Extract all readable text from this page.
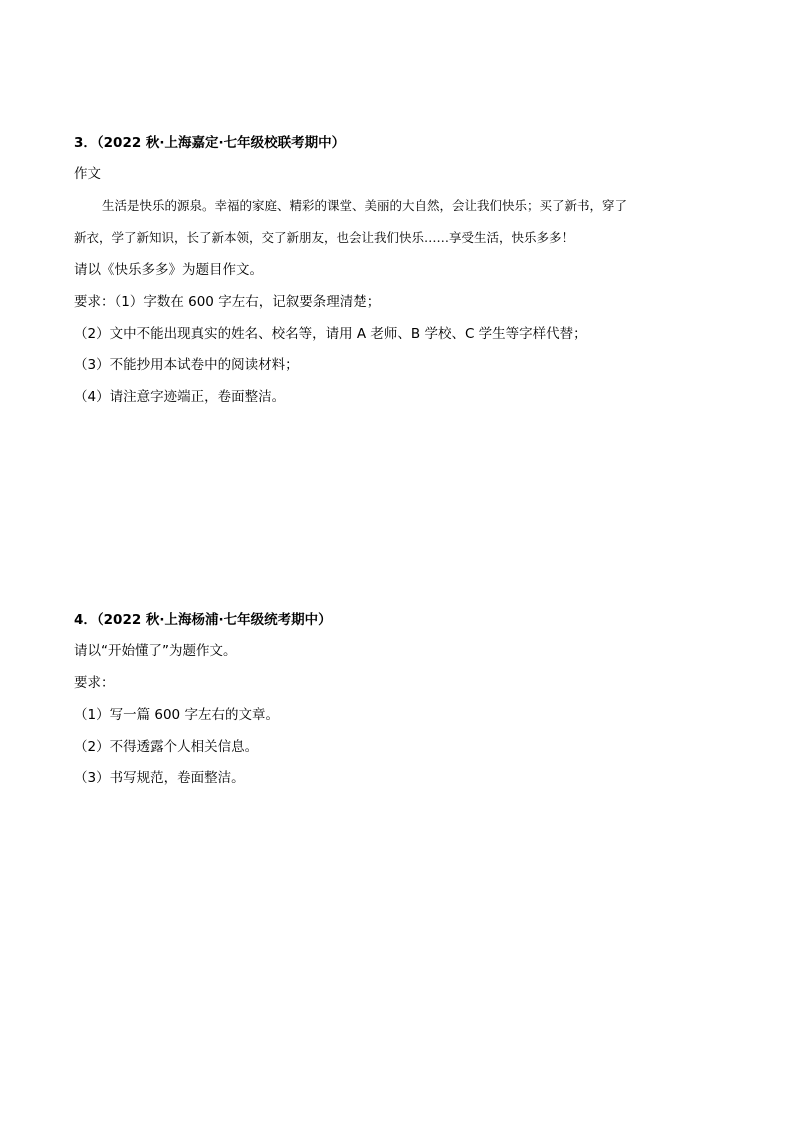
3．（2022 秋·上海嘉定·七年级校联考期中）
作文
生活是快乐的源泉。幸福的家庭、精彩的课堂、美丽的大自然，会让我们快乐；买了新书，穿了
新衣，学了新知识，长了新本领，交了新朋友，也会让我们快乐……享受生活，快乐多多！
请以《快乐多多》为题目作文。
要求：（1）字数在 600 字左右，记叙要条理清楚；
（2）文中不能出现真实的姓名、校名等，请用 A 老师、B 学校、C 学生等字样代替；
（3）不能抄用本试卷中的阅读材料；
（4）请注意字迹端正，卷面整洁。
4．（2022 秋·上海杨浦·七年级统考期中）
请以“开始懂了”为题作文。
要求：
（1）写一篇 600 字左右的文章。
（2）不得透露个人相关信息。
（3）书写规范，卷面整洁。
